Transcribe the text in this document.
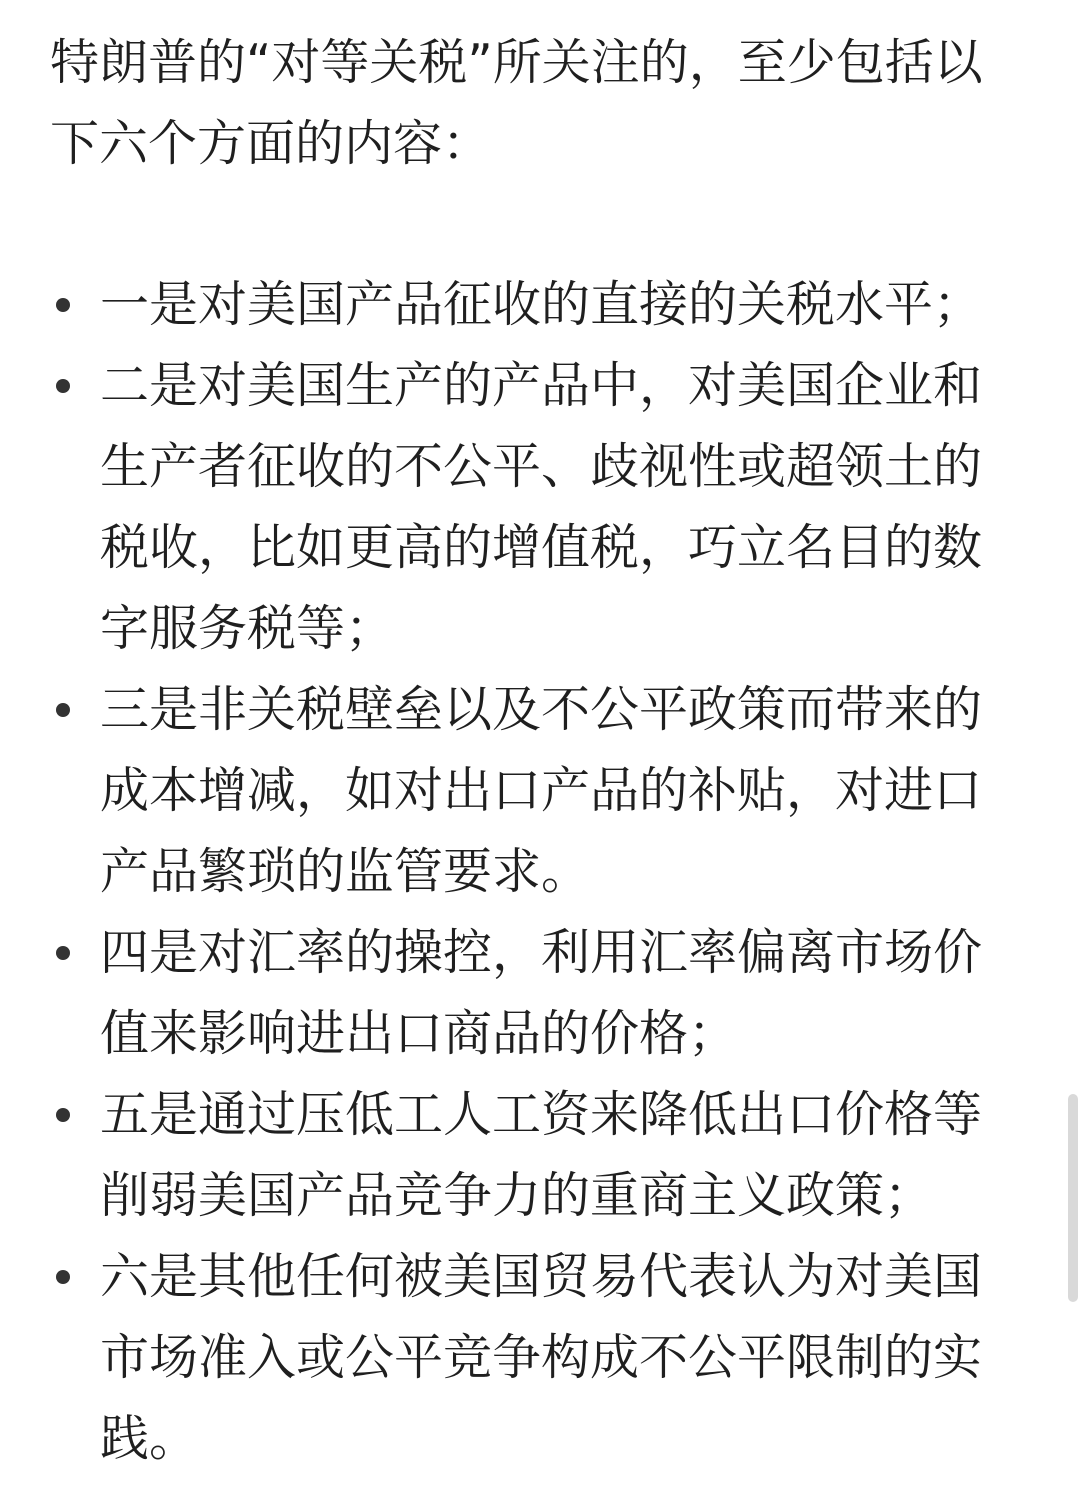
特朗普的“对等关税”所关注的，至少包括以下六个方面的内容：

一是对美国产品征收的直接的关税水平；
二是对美国生产的产品中，对美国企业和生产者征收的不公平、歧视性或超领土的税收，比如更高的增值税，巧立名目的数字服务税等；
三是非关税壁垒以及不公平政策而带来的成本增减，如对出口产品的补贴，对进口产品繁琐的监管要求。
四是对汇率的操控，利用汇率偏离市场价值来影响进出口商品的价格；
五是通过压低工人工资来降低出口价格等削弱美国产品竞争力的重商主义政策；
六是其他任何被美国贸易代表认为对美国市场准入或公平竞争构成不公平限制的实践。
